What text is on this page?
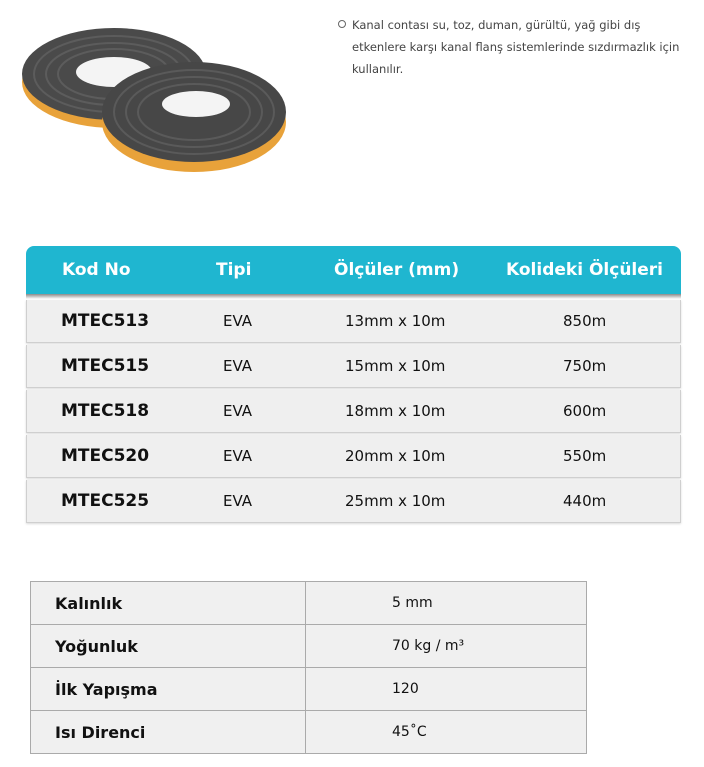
Kanal contası su, toz, duman, gürültü, yağ gibi dış etkenlere karşı kanal flanş sistemlerinde sızdırmazlık için kullanılır.
Kod No	Tipi	Ölçüler (mm)	Kolideki Ölçüleri
MTEC513	EVA	13mm x 10m	850m
MTEC515	EVA	15mm x 10m	750m
MTEC518	EVA	18mm x 10m	600m
MTEC520	EVA	20mm x 10m	550m
MTEC525	EVA	25mm x 10m	440m
Kalınlık	5 mm
Yoğunluk	70 kg / m³
İlk Yapışma	120
Isı Direnci	45˚C
